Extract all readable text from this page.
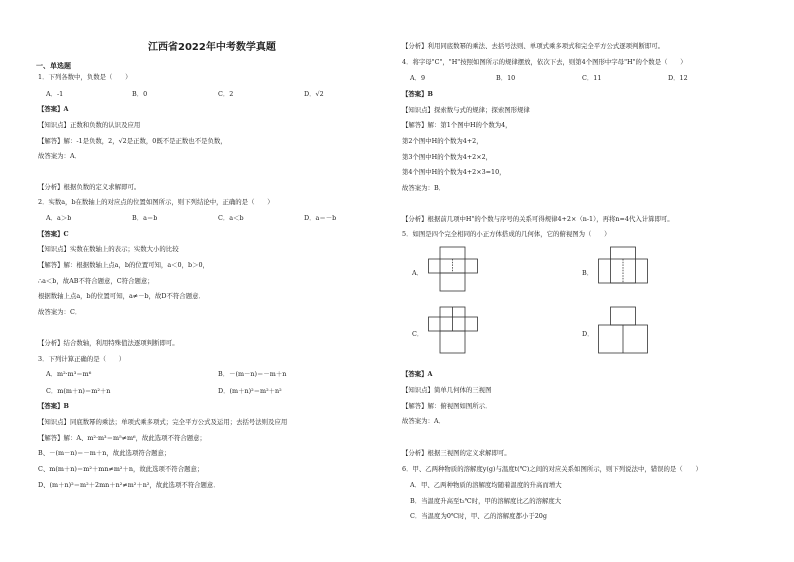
江西省2022年中考数学真题
一、单选题
1．下列各数中，负数是（　　）
A．-1	B．0	C．2	D．√2
【答案】A
【知识点】正数和负数的认识及应用
【解答】解：-1是负数，2，√2是正数，0既不是正数也不是负数，
故答案为：A．
【分析】根据负数的定义求解即可。
2．实数a，b在数轴上的对应点的位置如图所示，则下列结论中，正确的是（　　）
A．a＞b	B．a＝b	C．a＜b	D．a＝－b
【答案】C
【知识点】实数在数轴上的表示；实数大小的比较
【解答】解：根据数轴上点a，b的位置可知，a＜0，b＞0，
∴a＜b，故AB不符合题意，C符合题意；
根据数轴上点a，b的位置可知，a≠－b，故D不符合题意．
故答案为：C．
【分析】结合数轴，利用特殊值法逐项判断即可。
3．下列计算正确的是（　　）
A．m²·m³＝m⁶	B．－(m－n)＝－m＋n
C．m(m＋n)＝m²＋n	D．(m＋n)²＝m²＋n²
【答案】B
【知识点】同底数幂的乘法；单项式乘多项式；完全平方公式及运用；去括号法则及应用
【解答】解：A、m²·m³＝m⁵≠m⁶，故此选项不符合题意；
B、－(m－n)＝－m＋n，故此选项符合题意；
C、m(m＋n)＝m²＋mn≠m²＋n，故此选项不符合题意；
D、(m＋n)²＝m²＋2mn＋n²≠m²＋n²，故此选项不符合题意．
【分析】利用同底数幂的乘法、去括号法则、单项式乘多项式和完全平方公式逐项判断即可。
4．将字母"C"，"H"按照如图所示的规律摆放，依次下去，则第4个图形中字母"H"的个数是（　　）
A．9	B．10	C．11	D．12
【答案】B
【知识点】探索数与式的规律；探索图形规律
【解答】解：第1个图中H的个数为4，
第2个图中H的个数为4+2，
第3个图中H的个数为4+2×2，
第4个图中H的个数为4+2×3=10，
故答案为：B．
【分析】根据前几项中H"的个数与序号的关系可得规律4+2×（n-1），再将n=4代入计算即可。
5．如图是四个完全相同的小正方体搭成的几何体，它的俯视图为（　　）
A．	B．
C．	D．
【答案】A
【知识点】简单几何体的三视图
【解答】解：俯视图如图所示．
故答案为：A．
【分析】根据三视图的定义求解即可。
6．甲、乙两种物质的溶解度y(g)与温度t(℃)之间的对应关系如图所示，则下列说法中，错误的是（　　）
A．甲、乙两种物质的溶解度均随着温度的升高而增大
B．当温度升高至t₂℃时，甲的溶解度比乙的溶解度大
C．当温度为0℃时，甲、乙的溶解度都小于20g
